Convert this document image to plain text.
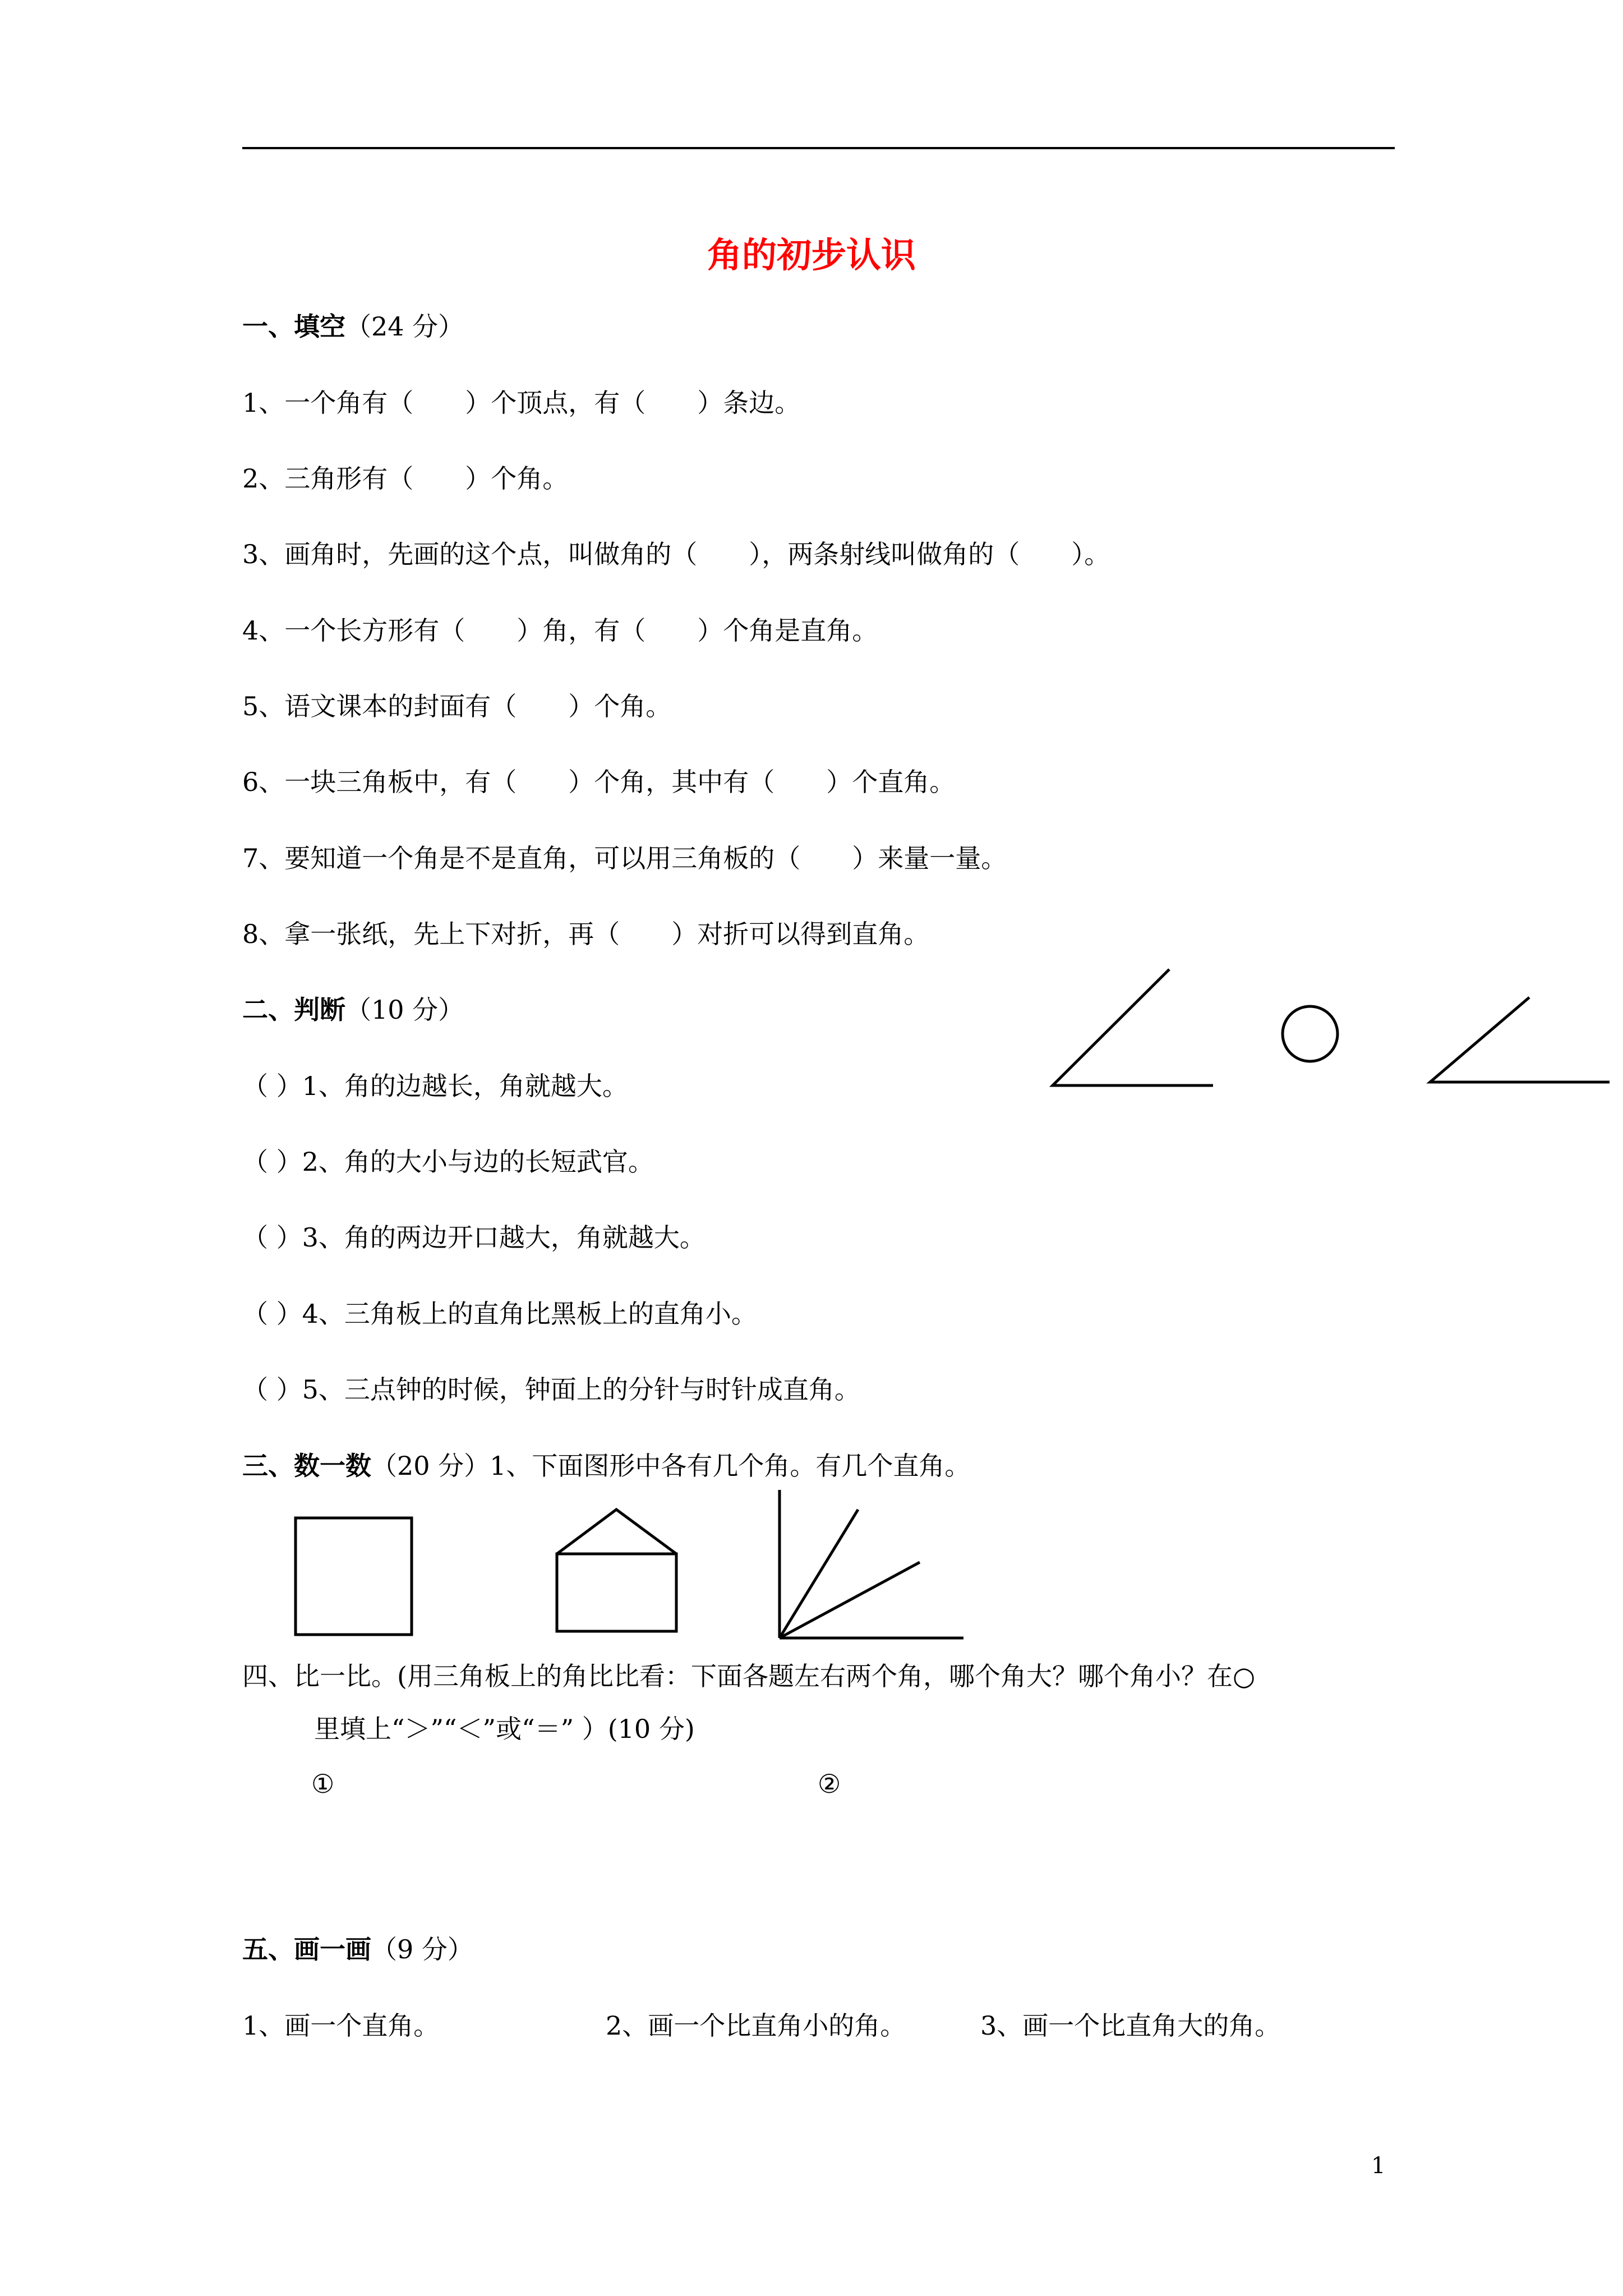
角的初步认识
一、填空（24 分）
1、一个角有（　　）个顶点，有（　　）条边。
2、三角形有（　　）个角。
3、画角时，先画的这个点，叫做角的（　　），两条射线叫做角的（　　）。
4、一个长方形有（　　）角，有（　　）个角是直角。
5、语文课本的封面有（　　）个角。
6、一块三角板中，有（　　）个角，其中有（　　）个直角。
7、要知道一个角是不是直角，可以用三角板的（　　）来量一量。
8、拿一张纸，先上下对折，再（　　）对折可以得到直角。
二、判断（10 分）
（ ）1、角的边越长，角就越大。
（ ）2、角的大小与边的长短武官。
（ ）3、角的两边开口越大，角就越大。
（ ）4、三角板上的直角比黑板上的直角小。
（ ）5、三点钟的时候，钟面上的分针与时针成直角。
三、数一数（20 分）1、下面图形中各有几个角。有几个直角。
四、比一比。(用三角板上的角比比看：下面各题左右两个角，哪个角大？哪个角小？在○
里填上“＞”“＜”或“＝” ）(10 分)
①	②
五、画一画（9 分）
1、画一个直角。	2、画一个比直角小的角。	3、画一个比直角大的角。
1
